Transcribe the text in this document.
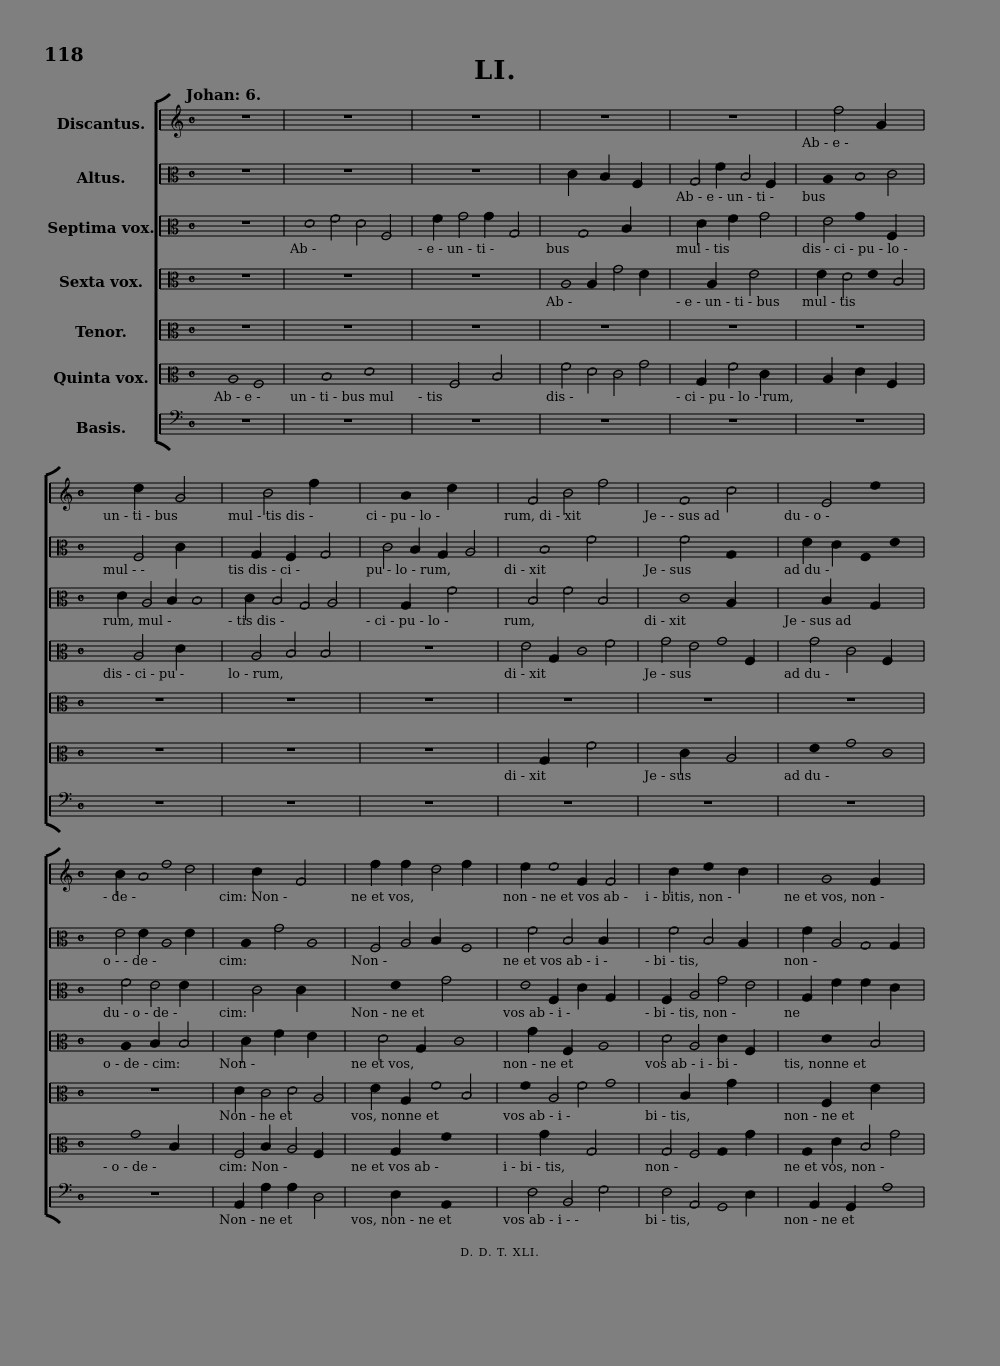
118
LI.
Johan: 6.
Discantus.
Altus.
Septima vox.
Sexta vox.
Tenor.
Quinta vox.
Basis.
𝄞 𝄴
𝄡 𝄴
𝄡 𝄴
𝄡 𝄴
𝄡 𝄴
𝄡 𝄴
𝄢 𝄴
Ab - e -
Ab - e - un - ti - bus
Ab -	- e - un - ti -	bus	mul - tis	dis - ci - pu - lo -
Ab -	- e - un - ti - bus mul - tis
Ab - e - un - ti - bus mul - tis	dis -	- ci - pu - lo - rum,
𝄞 𝄴
𝄡 𝄴
𝄡 𝄴
𝄡 𝄴
𝄡 𝄴
𝄡 𝄴
𝄢 𝄴
un - ti - bus	mul - tis dis -	ci - pu - lo -	rum, di - xit	Je - - sus ad	du - o -
mul - -	tis dis - ci -	pu - lo - rum,	di - xit	Je - sus	ad du -
rum, mul -	- tis dis -	- ci - pu - lo -	rum,	di - xit	Je - sus ad
dis - ci - pu -	lo - rum,	di - xit	Je - sus	ad du -
di - xit	Je - sus	ad du -
𝄞 𝄴
𝄡 𝄴
𝄡 𝄴
𝄡 𝄴
𝄡 𝄴
𝄡 𝄴
𝄢 𝄴
- de -	cim: Non -	ne et vos,	non - ne et vos ab - i - bitis, non -	ne et vos, non -
o - - de -	cim:	Non -	ne et vos ab - i -	- bi - tis,	non -
du - o - de -	cim:	Non - ne et	vos ab - i -	- bi - tis, non -	ne
o - de - cim:	Non -	ne et vos,	non - ne et	vos ab - i - bi -	tis, nonne et
Non - ne et	vos, nonne et	vos ab - i -	bi - tis,	non - ne et
- o - de -	cim: Non -	ne et vos ab -	i - bi - tis,	non -	ne et vos, non -
Non - ne et	vos, non - ne et	vos ab - i - -	bi - tis,	non - ne et
D. D. T. XLI.
